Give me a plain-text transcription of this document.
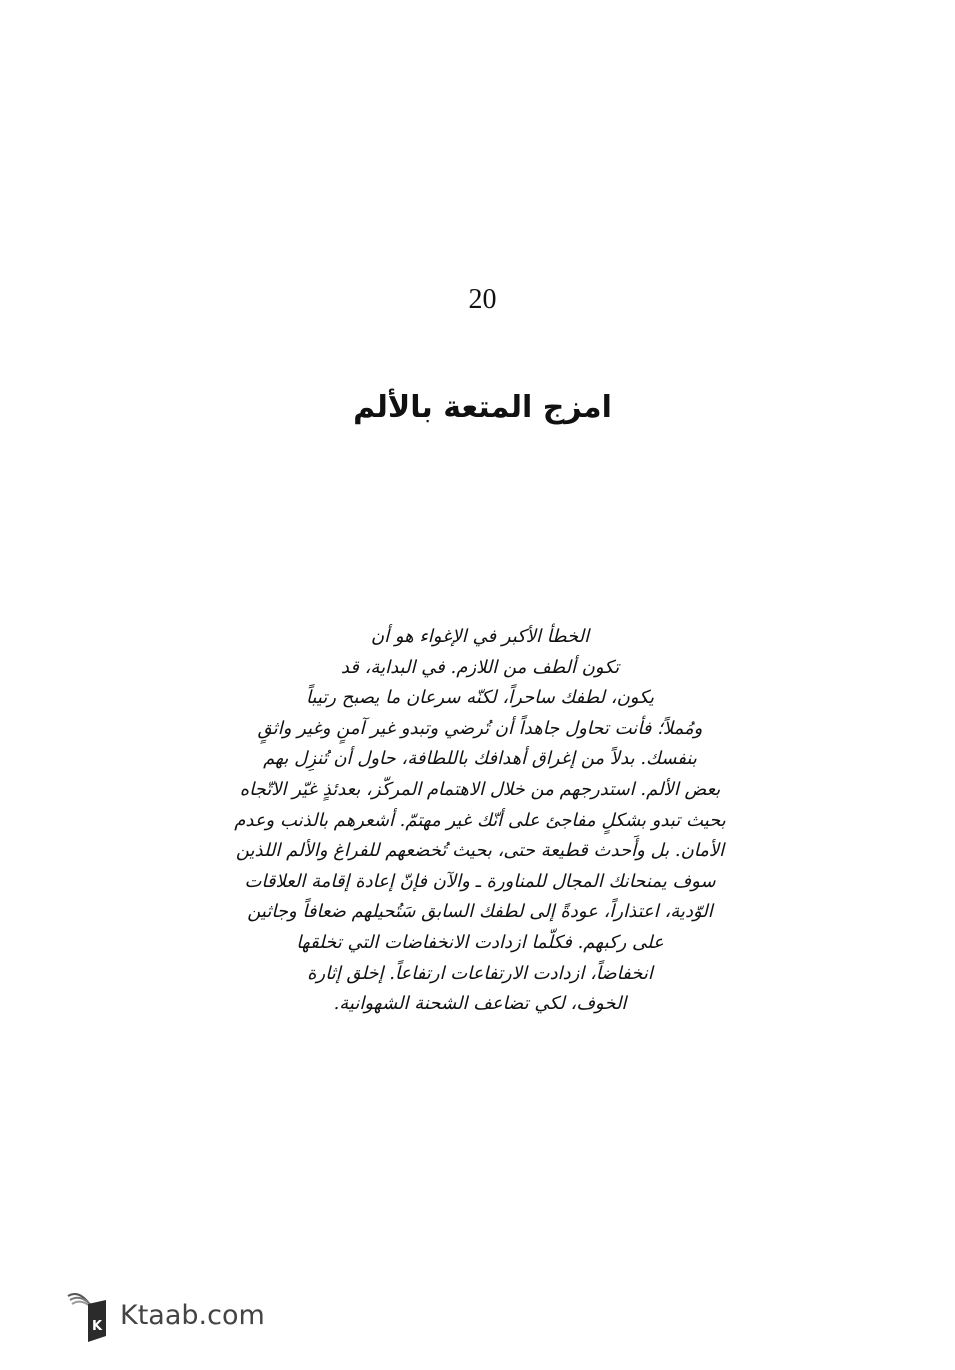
20
امزج المتعة بالألم
الخطأ الأكبر في الإغواء هو أن
تكون ألطف من اللازم. في البداية، قد
يكون، لطفك ساحراً، لكنّه سرعان ما يصبح رتيباً
ومُملاً؛ فأنت تحاول جاهداً أن تُرضي وتبدو غير آمنٍ وغير واثقٍ
بنفسك. بدلاً من إغراق أهدافك باللطافة، حاول أن تُنزِل بهم
بعض الألم. استدرجهم من خلال الاهتمام المركّز، بعدئذٍ غيّر الاتّجاه
بحيث تبدو بشكلٍ مفاجئ على أنّك غير مهتمّ. أشعرهم بالذنب وعدم
الأمان. بل وأَحدث قطيعة حتى، بحيث تُخضعهم للفراغ والألم اللذين
سوف يمنحانك المجال للمناورة ـ والآن فإنّ إعادة إقامة العلاقات
الوّدية، اعتذاراً، عودةً إلى لطفك السابق سَتُحيلهم ضعافاً وجاثين
على ركبهم. فكلّما ازدادت الانخفاضات التي تخلقها
انخفاضاً، ازدادت الارتفاعات ارتفاعاً. إخلق إثارة
الخوف، لكي تضاعف الشحنة الشهوانية.
K Ktaab.com
